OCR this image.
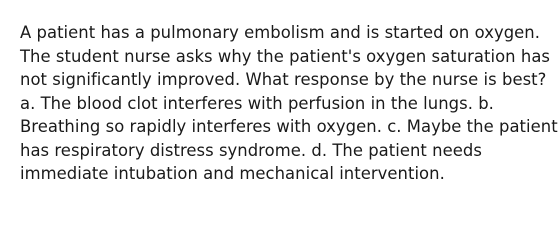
A patient has a pulmonary embolism and is started on oxygen.
The student nurse asks why the patient's oxygen saturation has
not significantly improved. What response by the nurse is best?
a. The blood clot interferes with perfusion in the lungs. b.
Breathing so rapidly interferes with oxygen. c. Maybe the patient
has respiratory distress syndrome. d. The patient needs
immediate intubation and mechanical intervention.
